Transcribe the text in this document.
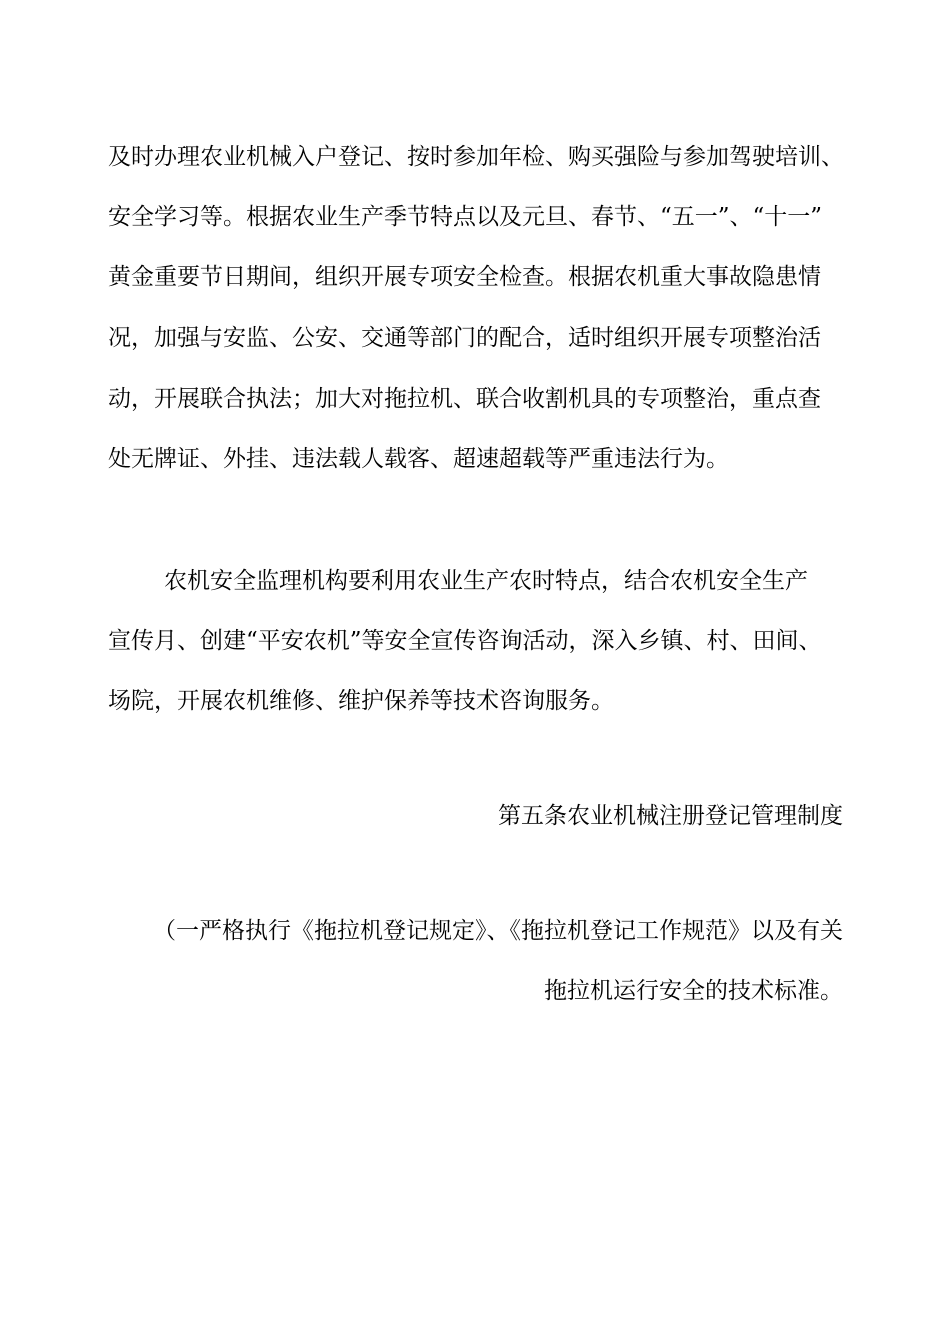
及时办理农业机械入户登记、按时参加年检、购买强险与参加驾驶培训、
安全学习等。根据农业生产季节特点以及元旦、春节、“五一”、“十一”
黄金重要节日期间，组织开展专项安全检查。根据农机重大事故隐患情
况，加强与安监、公安、交通等部门的配合，适时组织开展专项整治活
动，开展联合执法；加大对拖拉机、联合收割机具的专项整治，重点查
处无牌证、外挂、违法载人载客、超速超载等严重违法行为。
农机安全监理机构要利用农业生产农时特点，结合农机安全生产
宣传月、创建“平安农机”等安全宣传咨询活动，深入乡镇、村、田间、
场院，开展农机维修、维护保养等技术咨询服务。
第五条农业机械注册登记管理制度
（一严格执行《拖拉机登记规定》、《拖拉机登记工作规范》以及有关
拖拉机运行安全的技术标准。
